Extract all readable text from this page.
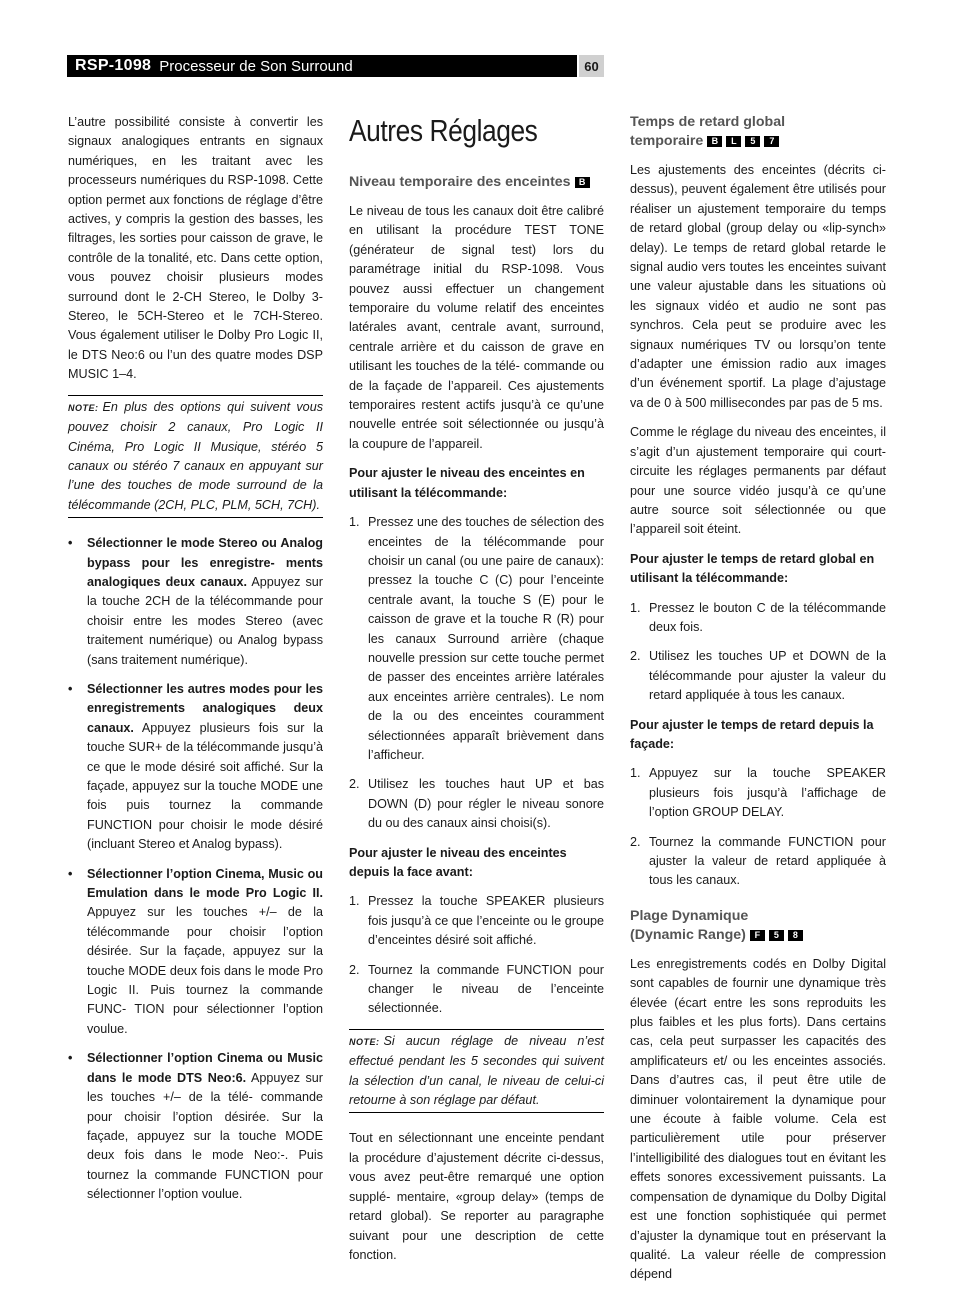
RSP-1098 Processeur de Son Surround	60

L’autre possibilité consiste à convertir les signaux analogiques entrants en signaux numériques, en les traitant avec les processeurs numériques du RSP-1098. Cette option permet aux fonctions de réglage d’être actives, y compris la gestion des basses, les filtrages, les sorties pour caisson de grave, le contrôle de la tonalité, etc. Dans cette option, vous pouvez choisir plusieurs modes surround dont le 2-CH Stereo, le Dolby 3-Stereo, le 5CH-Stereo et le 7CH-Stereo. Vous également utiliser le Dolby Pro Logic II, le DTS Neo:6 ou l’un des quatre modes DSP MUSIC 1–4.

NOTE: En plus des options qui suivent vous pouvez choisir 2 canaux, Pro Logic II Cinéma, Pro Logic II Musique, stéréo 5 canaux ou stéréo 7 canaux en appuyant sur l’une des touches de mode surround de la télécommande (2CH, PLC, PLM, 5CH, 7CH).
• Sélectionner le mode Stereo ou Analog bypass pour les enregistre- ments analogiques deux canaux. Appuyez sur la touche 2CH de la télécommande pour choisir entre les modes Stereo (avec traitement numérique) ou Analog bypass (sans traitement numérique).
• Sélectionner les autres modes pour les enregistrements analogiques deux canaux. Appuyez plusieurs fois sur la touche SUR+ de la télécommande jusqu’à ce que le mode désiré soit affiché. Sur la façade, appuyez sur la touche MODE une fois puis tournez la commande FUNCTION pour choisir le mode désiré (incluant Stereo et Analog bypass).
• Sélectionner l’option Cinema, Music ou Emulation dans le mode Pro Logic II. Appuyez sur les touches +/– de la télécommande pour choisir l’option désirée. Sur la façade, appuyez sur la touche MODE deux fois dans le mode Pro Logic II. Puis tournez la commande FUNC- TION pour sélectionner l’option voulue.
• Sélectionner l’option Cinema ou Music dans le mode DTS Neo:6. Appuyez sur les touches +/– de la télé- commande pour choisir l’option désirée. Sur la façade, appuyez sur la touche MODE deux fois dans le mode Neo:-. Puis tournez la commande FUNCTION pour sélectionner l’option voulue.
Autres Réglages
Niveau temporaire des enceintes B

Le niveau de tous les canaux doit être calibré en utilisant la procédure TEST TONE (générateur de signal test) lors du paramétrage initial du RSP-1098. Vous pouvez aussi effectuer un changement temporaire du volume relatif des enceintes latérales avant, centrale avant, surround, centrale arrière et du caisson de grave en utilisant les touches de la télé- commande ou de la façade de l’appareil. Ces ajustements temporaires restent actifs jusqu’à ce qu’une nouvelle entrée soit sélectionnée ou jusqu’à la coupure de l’appareil.

Pour ajuster le niveau des enceintes en utilisant la télécommande:

1. Pressez une des touches de sélection des enceintes de la télécommande pour choisir un canal (ou une paire de canaux): pressez la touche C (C) pour l’enceinte centrale avant, la touche S (E) pour le caisson de grave et la touche R (R) pour les canaux Surround arrière (chaque nouvelle pression sur cette touche permet de passer des enceintes arrière latérales aux enceintes arrière centrales). Le nom de la ou des enceintes couramment sélectionnées apparaît brièvement dans l’afficheur.
2. Utilisez les touches haut UP et bas DOWN (D) pour régler le niveau sonore du ou des canaux ainsi choisi(s).

Pour ajuster le niveau des enceintes depuis la face avant:

1. Pressez la touche SPEAKER plusieurs fois jusqu’à ce que l’enceinte ou le groupe d’enceintes désiré soit affiché.
2. Tournez la commande FUNCTION pour changer le niveau de l’enceinte sélectionnée.
NOTE: Si aucun réglage de niveau n’est effectué pendant les 5 secondes qui suivent la sélection d’un canal, le niveau de celui-ci retourne à son réglage par défaut.

Tout en sélectionnant une enceinte pendant la procédure d’ajustement décrite ci-dessus, vous avez peut-être remarqué une option supplé- mentaire, «group delay» (temps de retard global). Se reporter au paragraphe suivant pour une description de cette fonction.

Temps de retard global
temporaire B L 5 7

Les ajustements des enceintes (décrits ci-dessus), peuvent également être utilisés pour réaliser un ajustement temporaire du temps de retard global (group delay ou «lip-synch» delay). Le temps de retard global retarde le signal audio vers toutes les enceintes suivant une valeur ajustable dans les situations où les signaux vidéo et audio ne sont pas synchros. Cela peut se produire avec les signaux numériques TV ou lorsqu’on tente d’adapter une émission radio aux images d’un événement sportif. La plage d’ajustage va de 0 à 500 millisecondes par pas de 5 ms.

Comme le réglage du niveau des enceintes, il s’agit d’un ajustement temporaire qui court- circuite les réglages permanents par défaut pour une source vidéo jusqu’à ce qu’une autre source soit sélectionnée ou que l’appareil soit éteint.

Pour ajuster le temps de retard global en utilisant la télécommande:

1. Pressez le bouton C de la télécommande deux fois.
2. Utilisez les touches UP et DOWN de la télécommande pour ajuster la valeur du retard appliquée à tous les canaux.

Pour ajuster le temps de retard depuis la façade:

1. Appuyez sur la touche SPEAKER plusieurs fois jusqu’à l’affichage de l’option GROUP DELAY.
2. Tournez la commande FUNCTION pour ajuster la valeur de retard appliquée à tous les canaux.
Plage Dynamique
(Dynamic Range) F 5 8

Les enregistrements codés en Dolby Digital sont capables de fournir une dynamique très élevée (écart entre les sons reproduits les plus faibles et les plus forts). Dans certains cas, cela peut surpasser les capacités des amplificateurs et/ ou les enceintes associés. Dans d’autres cas, il peut être utile de diminuer volontairement la dynamique pour une écoute à faible volume. Cela est particulièrement utile pour préserver l’intelligibilité des dialogues tout en évitant les effets sonores excessivement puissants. La compensation de dynamique du Dolby Digital est une fonction sophistiquée qui permet d’ajuster la dynamique tout en préservant la qualité. La valeur réelle de compression dépend
